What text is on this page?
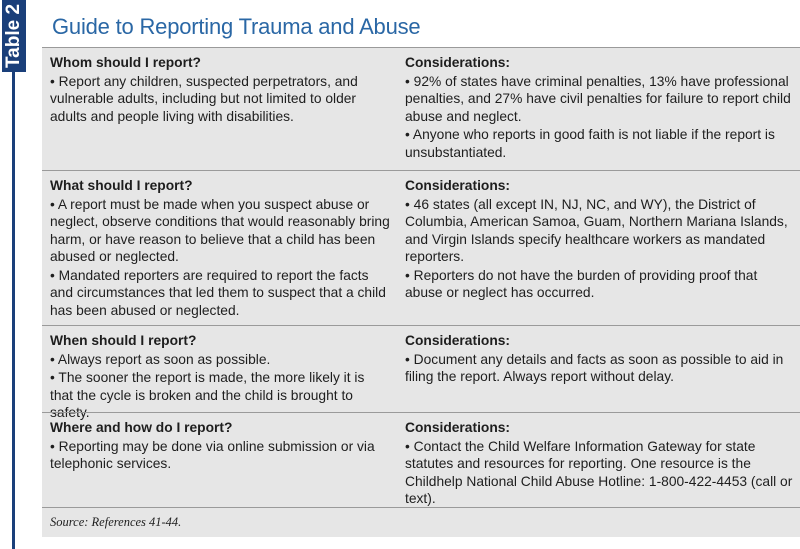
Table 2 Guide to Reporting Trauma and Abuse

Whom should I report?

• Report any children, suspected perpetrators, and vulnerable adults, including but not limited to older adults and people living with disabilities.

Considerations:

• 92% of states have criminal penalties, 13% have professional penalties, and 27% have civil penalties for failure to report child abuse and neglect.

• Anyone who reports in good faith is not liable if the report is unsubstantiated.

What should I report?

• A report must be made when you suspect abuse or neglect, observe conditions that would reasonably bring harm, or have reason to believe that a child has been abused or neglected.

• Mandated reporters are required to report the facts and circumstances that led them to suspect that a child has been abused or neglected.

Considerations:

• 46 states (all except IN, NJ, NC, and WY), the District of Columbia, American Samoa, Guam, Northern Mariana Islands, and Virgin Islands specify healthcare workers as mandated reporters.

• Reporters do not have the burden of providing proof that abuse or neglect has occurred.

When should I report?

• Always report as soon as possible.

• The sooner the report is made, the more likely it is that the cycle is broken and the child is brought to safety.

Considerations:

• Document any details and facts as soon as possible to aid in filing the report. Always report without delay.

Where and how do I report?

• Reporting may be done via online submission or via telephonic services.

Considerations:

• Contact the Child Welfare Information Gateway for state statutes and resources for reporting. One resource is the Childhelp National Child Abuse Hotline: 1-800-422-4453 (call or text).

Source: References 41-44.
